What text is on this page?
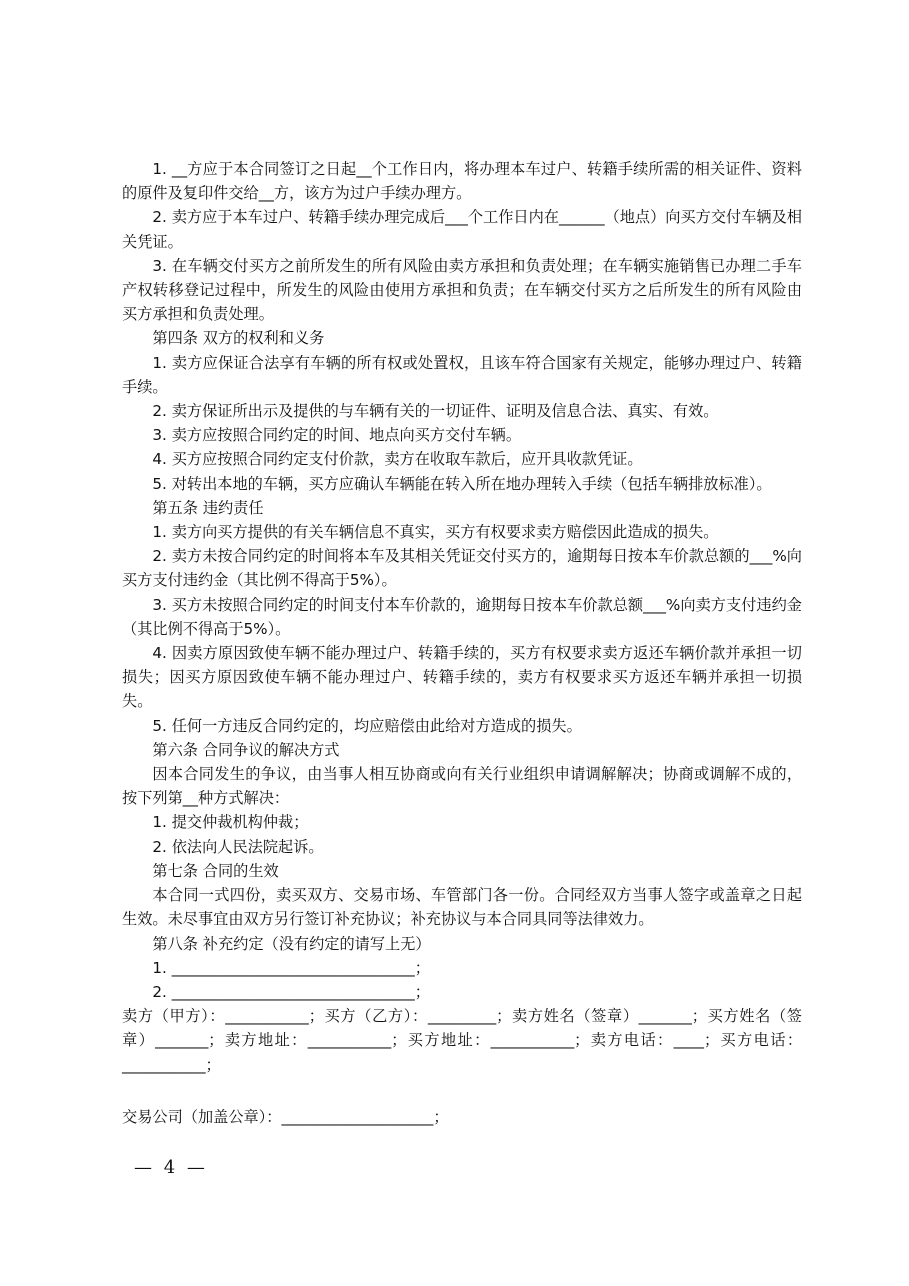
1. __方应于本合同签订之日起__个工作日内，将办理本车过户、转籍手续所需的相关证件、资料的原件及复印件交给__方，该方为过户手续办理方。

2. 卖方应于本车过户、转籍手续办理完成后___个工作日内在______（地点）向买方交付车辆及相关凭证。

3. 在车辆交付买方之前所发生的所有风险由卖方承担和负责处理；在车辆实施销售已办理二手车产权转移登记过程中，所发生的风险由使用方承担和负责；在车辆交付买方之后所发生的所有风险由买方承担和负责处理。

第四条 双方的权利和义务

1. 卖方应保证合法享有车辆的所有权或处置权，且该车符合国家有关规定，能够办理过户、转籍手续。

2. 卖方保证所出示及提供的与车辆有关的一切证件、证明及信息合法、真实、有效。

3. 卖方应按照合同约定的时间、地点向买方交付车辆。

4. 买方应按照合同约定支付价款，卖方在收取车款后，应开具收款凭证。

5. 对转出本地的车辆，买方应确认车辆能在转入所在地办理转入手续（包括车辆排放标准）。

第五条 违约责任

1. 卖方向买方提供的有关车辆信息不真实，买方有权要求卖方赔偿因此造成的损失。

2. 卖方未按合同约定的时间将本车及其相关凭证交付买方的，逾期每日按本车价款总额的___%向买方支付违约金（其比例不得高于5%）。

3. 买方未按照合同约定的时间支付本车价款的，逾期每日按本车价款总额___%向卖方支付违约金（其比例不得高于5%）。

4. 因卖方原因致使车辆不能办理过户、转籍手续的，买方有权要求卖方返还车辆价款并承担一切损失；因买方原因致使车辆不能办理过户、转籍手续的，卖方有权要求买方返还车辆并承担一切损失。

5. 任何一方违反合同约定的，均应赔偿由此给对方造成的损失。

第六条 合同争议的解决方式

因本合同发生的争议，由当事人相互协商或向有关行业组织申请调解解决；协商或调解不成的，按下列第__种方式解决：

1. 提交仲裁机构仲裁；

2. 依法向人民法院起诉。

第七条 合同的生效

本合同一式四份，卖买双方、交易市场、车管部门各一份。合同经双方当事人签字或盖章之日起生效。未尽事宜由双方另行签订补充协议；补充协议与本合同具同等法律效力。

第八条 补充约定（没有约定的请写上无）

1. ________________________________；

2. ________________________________；

卖方（甲方）：___________；买方（乙方）：_________；卖方姓名（签章）_______；买方姓名（签章）_______；卖方地址：___________；买方地址：___________；卖方电话：____；买方电话：___________；

交易公司（加盖公章）：____________________；

— 4 —
